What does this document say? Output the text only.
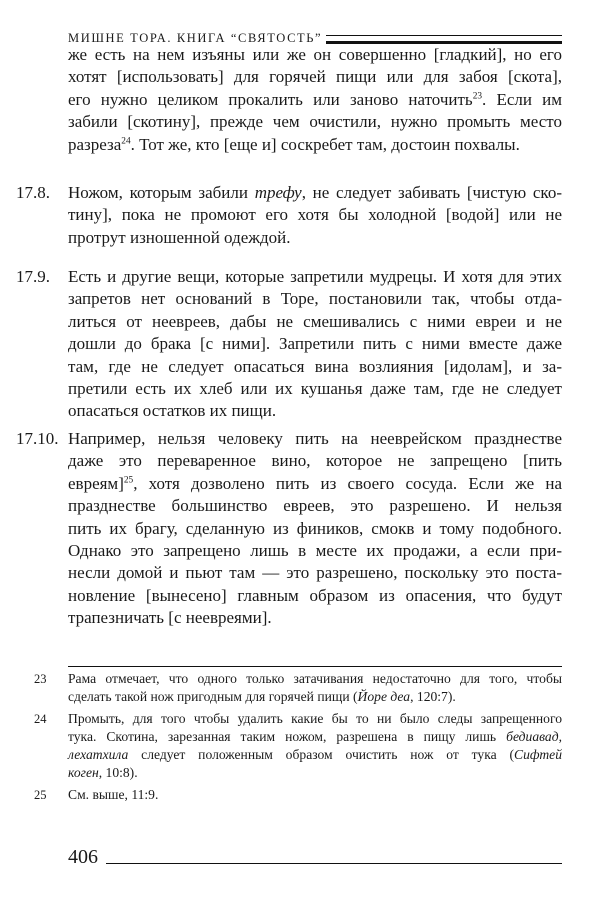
МИШНЕ ТОРА. КНИГА “СВЯТОСТЬ”
же есть на нем изъяны или же он совершенно [гладкий], но его
хотят [использовать] для горячей пищи или для забоя [скота],
его нужно целиком прокалить или заново наточить$^{23}$. Если им
забили [скотину], прежде чем очистили, нужно промыть место
разреза$^{24}$. Тот же, кто [еще и] соскребет там, достоин похвалы.
17.8. Ножом, которым забили трефу, не следует забивать [чистую ско-
тину], пока не промоют его хотя бы холодной [водой] или не
протрут изношенной одеждой.
17.9. Есть и другие вещи, которые запретили мудрецы. И хотя для этих
запретов нет оснований в Торе, постановили так, чтобы отда-
литься от неевреев, дабы не смешивались с ними евреи и не
дошли до брака [с ними]. Запретили пить с ними вместе даже
там, где не следует опасаться вина возлияния [идолам], и за-
претили есть их хлеб или их кушанья даже там, где не следует
опасаться остатков их пищи.
17.10. Например, нельзя человеку пить на нееврейском празднестве
даже это переваренное вино, которое не запрещено [пить
евреям]$^{25}$, хотя дозволено пить из своего сосуда. Если же на
празднестве большинство евреев, это разрешено. И нельзя
пить их брагу, сделанную из фиников, смокв и тому подобного.
Однако это запрещено лишь в месте их продажи, а если при-
несли домой и пьют там — это разрешено, поскольку это поста-
новление [вынесено] главным образом из опасения, что будут
трапезничать [с неевреями].
23 Рама отмечает, что одного только затачивания недостаточно для того, чтобы
сделать такой нож пригодным для горячей пищи (Йоре деа, 120:7).
24 Промыть, для того чтобы удалить какие бы то ни было следы запрещенного
тука. Скотина, зарезанная таким ножом, разрешена в пищу лишь бедиавад,
лехатхила следует положенным образом очистить нож от тука (Сифтей
коген, 10:8).
25 См. выше, 11:9.
406
